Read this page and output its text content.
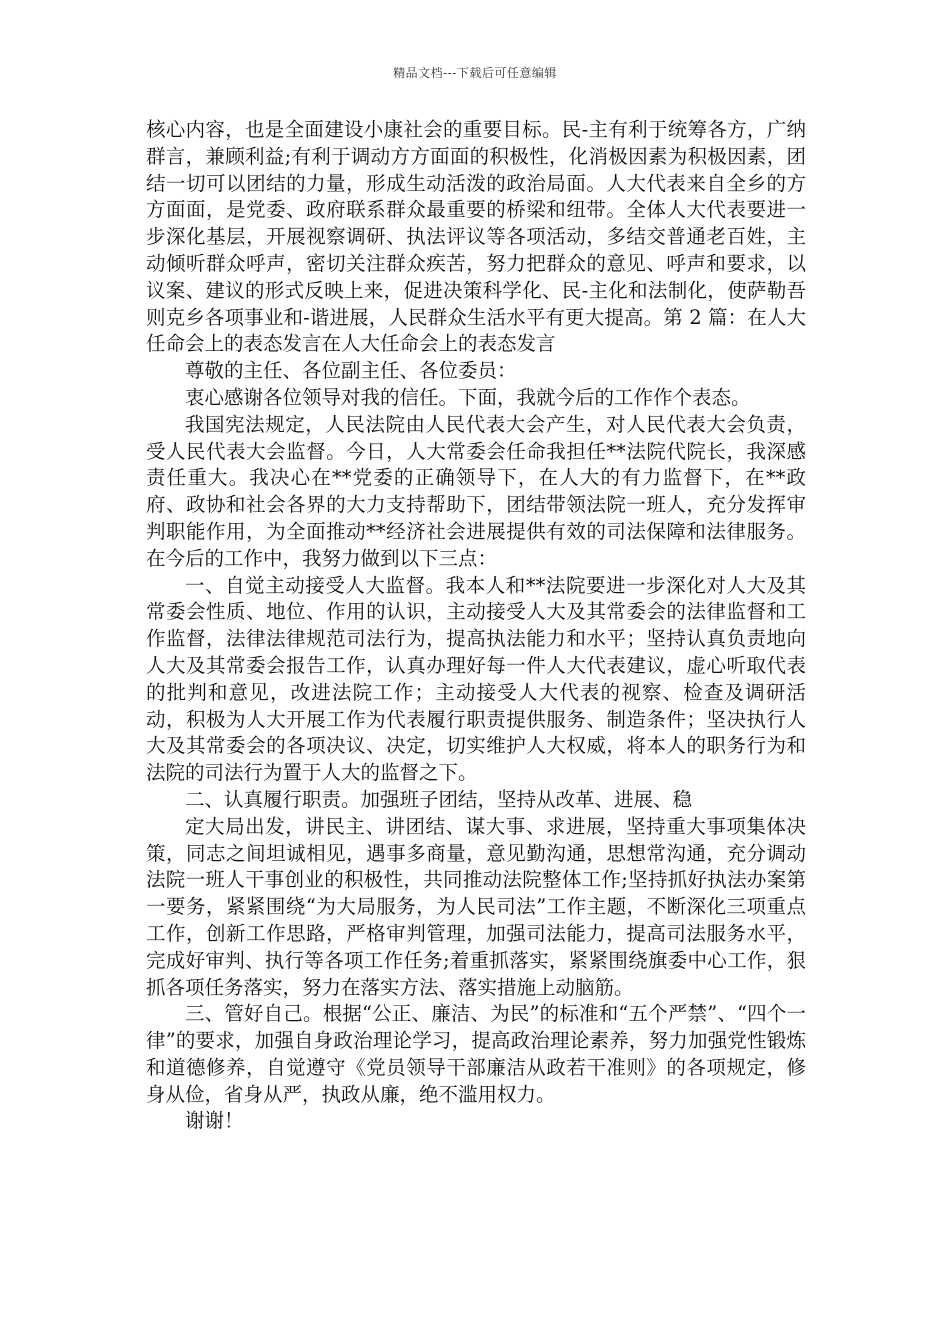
精品文档---下载后可任意编辑

核心内容，也是全面建设小康社会的重要目标。民-主有利于统筹各方，广纳群言，兼顾利益;有利于调动方方面面的积极性，化消极因素为积极因素，团结一切可以团结的力量，形成生动活泼的政治局面。人大代表来自全乡的方方面面，是党委、政府联系群众最重要的桥梁和纽带。全体人大代表要进一步深化基层，开展视察调研、执法评议等各项活动，多结交普通老百姓，主动倾听群众呼声，密切关注群众疾苦，努力把群众的意见、呼声和要求，以议案、建议的形式反映上来，促进决策科学化、民-主化和法制化，使萨勒吾则克乡各项事业和-谐进展，人民群众生活水平有更大提高。第 2 篇：在人大任命会上的表态发言在人大任命会上的表态发言

尊敬的主任、各位副主任、各位委员：

衷心感谢各位领导对我的信任。下面，我就今后的工作作个表态。

我国宪法规定，人民法院由人民代表大会产生，对人民代表大会负责，受人民代表大会监督。今日，人大常委会任命我担任**法院代院长，我深感责任重大。我决心在**党委的正确领导下，在人大的有力监督下，在**政府、政协和社会各界的大力支持帮助下，团结带领法院一班人，充分发挥审判职能作用，为全面推动**经济社会进展提供有效的司法保障和法律服务。在今后的工作中，我努力做到以下三点：

一、自觉主动接受人大监督。我本人和**法院要进一步深化对人大及其常委会性质、地位、作用的认识，主动接受人大及其常委会的法律监督和工作监督，法律法律规范司法行为，提高执法能力和水平；坚持认真负责地向人大及其常委会报告工作，认真办理好每一件人大代表建议，虚心听取代表的批判和意见，改进法院工作；主动接受人大代表的视察、检查及调研活动，积极为人大开展工作为代表履行职责提供服务、制造条件；坚决执行人大及其常委会的各项决议、决定，切实维护人大权威，将本人的职务行为和法院的司法行为置于人大的监督之下。

二、认真履行职责。加强班子团结，坚持从改革、进展、稳

定大局出发，讲民主、讲团结、谋大事、求进展，坚持重大事项集体决策，同志之间坦诚相见，遇事多商量，意见勤沟通，思想常沟通，充分调动法院一班人干事创业的积极性，共同推动法院整体工作;坚持抓好执法办案第一要务，紧紧围绕“为大局服务，为人民司法”工作主题，不断深化三项重点工作，创新工作思路，严格审判管理，加强司法能力，提高司法服务水平，完成好审判、执行等各项工作任务;着重抓落实，紧紧围绕旗委中心工作，狠抓各项任务落实，努力在落实方法、落实措施上动脑筋。

三、管好自己。根据“公正、廉洁、为民”的标准和“五个严禁”、“四个一律”的要求，加强自身政治理论学习，提高政治理论素养，努力加强党性锻炼和道德修养，自觉遵守《党员领导干部廉洁从政若干准则》的各项规定，修身从俭，省身从严，执政从廉，绝不滥用权力。

谢谢！
